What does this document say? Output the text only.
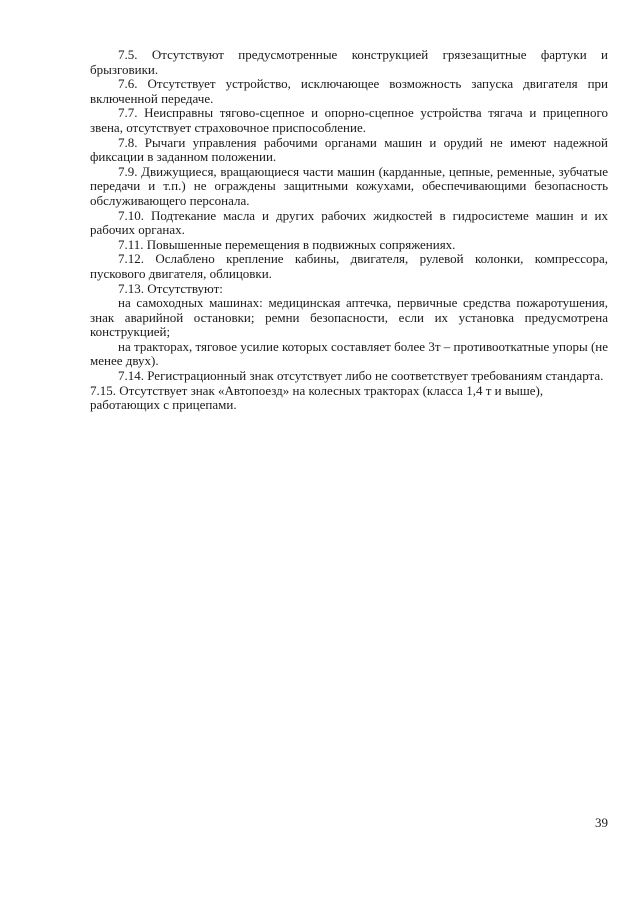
7.5. Отсутствуют предусмотренные конструкцией грязезащитные фартуки и брызговики.

7.6. Отсутствует устройство, исключающее возможность запуска двигателя при включенной передаче.

7.7. Неисправны тягово-сцепное и опорно-сцепное устройства тягача и прицепного звена, отсутствует страховочное приспособление.

7.8. Рычаги управления рабочими органами машин и орудий не имеют надежной фиксации в заданном положении.

7.9. Движущиеся, вращающиеся части машин (карданные, цепные, ременные, зубчатые передачи и т.п.) не ограждены защитными кожухами, обеспечивающими безопасность обслуживающего персонала.

7.10. Подтекание масла и других рабочих жидкостей в гидросистеме машин и их рабочих органах.

7.11. Повышенные перемещения в подвижных сопряжениях.

7.12. Ослаблено крепление кабины, двигателя, рулевой колонки, компрессора, пускового двигателя, облицовки.

7.13. Отсутствуют:

на самоходных машинах: медицинская аптечка, первичные средства пожаротушения, знак аварийной остановки; ремни безопасности, если их установка предусмотрена конструкцией;

на тракторах, тяговое усилие которых составляет более 3т – противооткатные упоры (не менее двух).

7.14. Регистрационный знак отсутствует либо не соответствует требованиям стандарта.

7.15. Отсутствует знак «Автопоезд» на колесных тракторах (класса 1,4 т и выше), работающих с прицепами.

39
